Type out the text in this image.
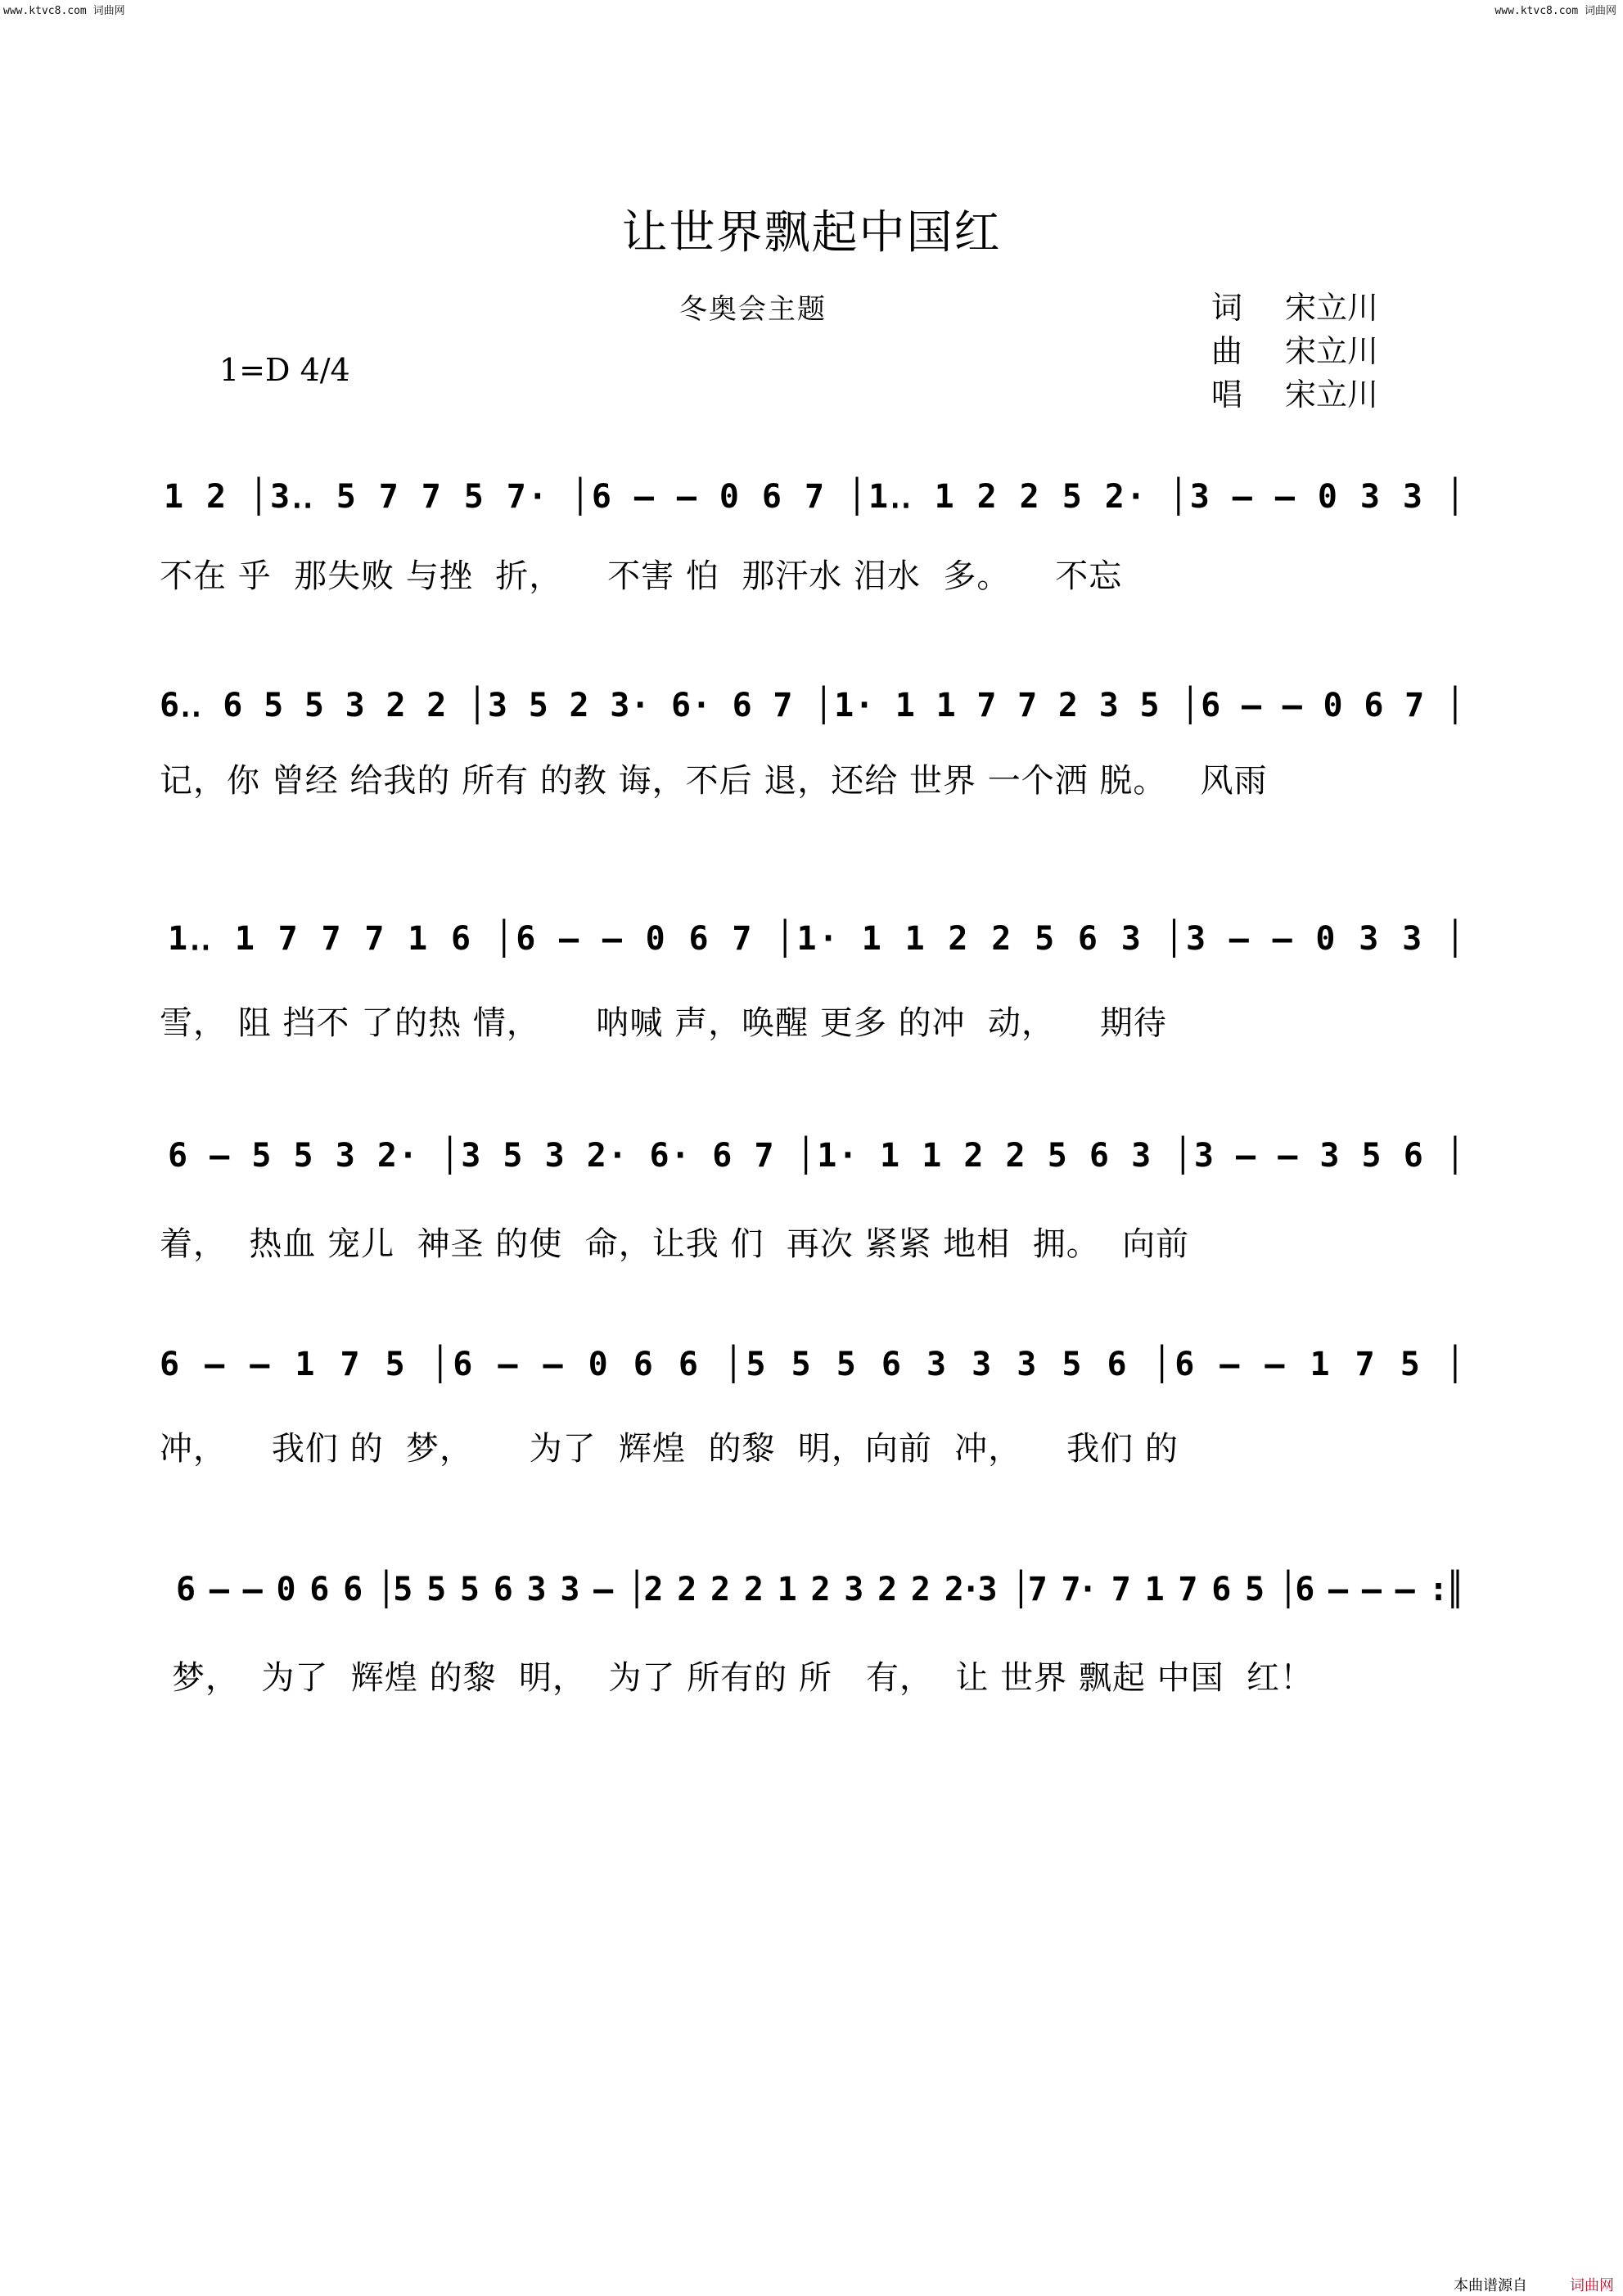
www.ktvc8.com 词曲网	www.ktvc8.com 词曲网
让世界飘起中国红
冬奥会主题	词 宋立川
曲 宋立川
唱 宋立川
1=D 4/4
1 2 │3‥ 5 7 7 5 7· │6 – – 0 6 7 │1‥ 1 2 2 5 2· │3 – – 0 3 3 │
6‥ 6 5 5 3 2 2 │3 5 2 3· 6· 6 7 │1· 1 1 7 7 2 3 5 │6 – – 0 6 7 │
1‥ 1 7 7 7 1 6 │6 – – 0 6 7 │1· 1 1 2 2 5 6 3 │3 – – 0 3 3 │
6 – 5 5 3 2· │3 5 3 2· 6· 6 7 │1· 1 1 2 2 5 6 3 │3 – – 3 5 6 │
6 – – 1 7 5 │6 – – 0 6 6 │5 5 5 6 3 3 3 5 6 │6 – – 1 7 5 │
6 – – 0 6 6 │5 5 5 6 3 3 – │2 2 2 2 1 2 3 2 2 2·3 │7 7· 7 1 7 6 5 │6 – – – :║
不在 乎  那失败 与挫  折，    不害 怕  那汗水 泪水  多。    不忘
记，你 曾经 给我的 所有 的教 诲，不后 退，还给 世界 一个洒 脱。   风雨
雪， 阻 挡不 了的热 情，     呐喊 声，唤醒 更多 的冲  动，    期待
着，  热血 宠儿  神圣 的使  命，让我 们  再次 紧紧 地相  拥。  向前
冲，    我们 的  梦，     为了  辉煌  的黎  明，向前  冲，    我们 的
梦，  为了  辉煌 的黎  明，  为了 所有的 所   有，  让 世界 飘起 中国  红！
本曲谱源自	词曲网
